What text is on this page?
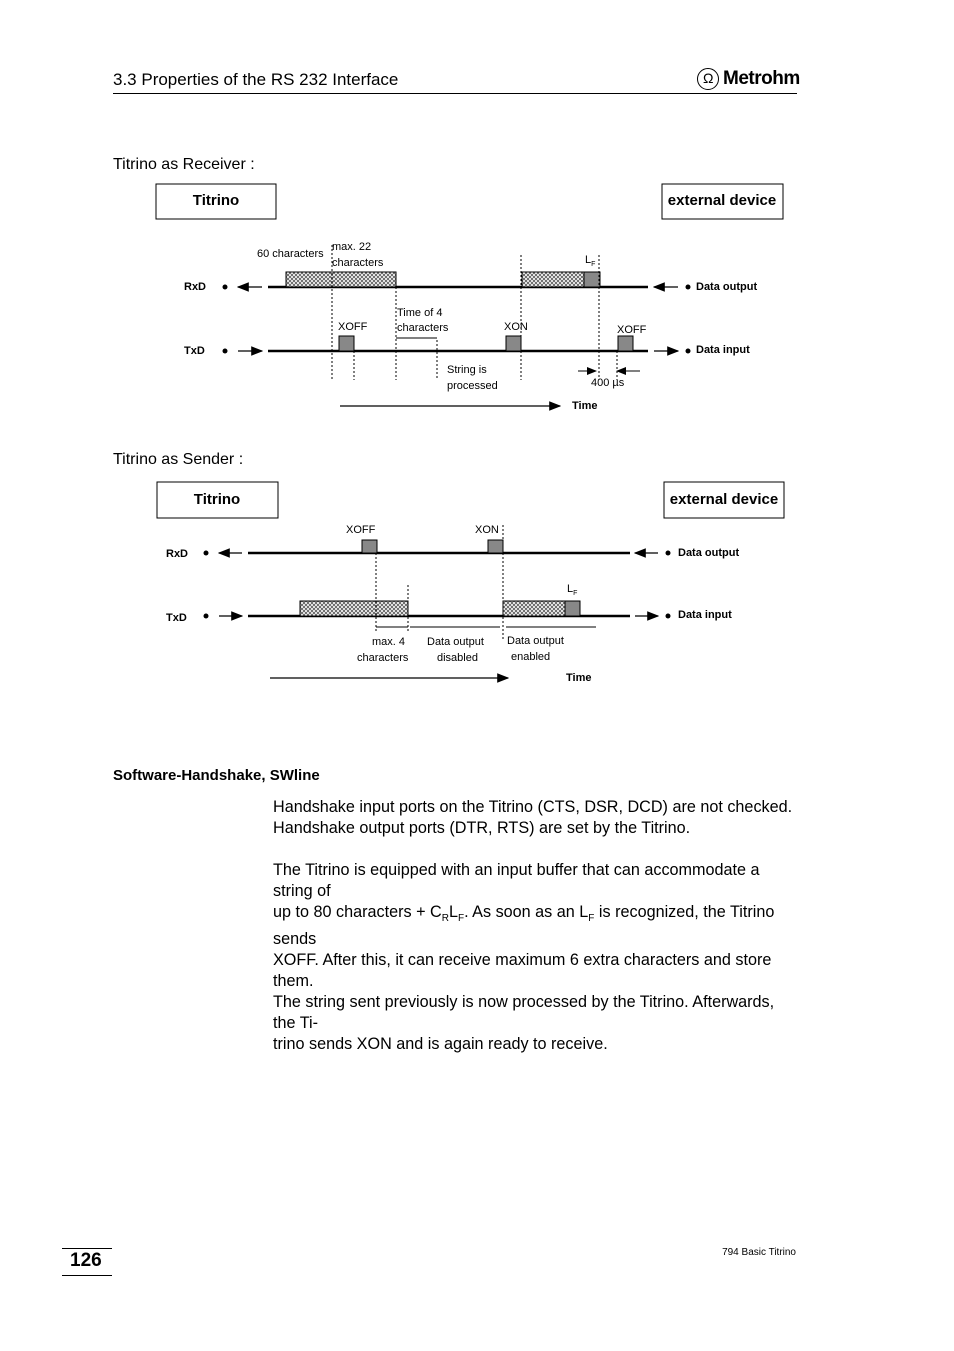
3.3 Properties of the RS 232 Interface	Ω Metrohm
Titrino as Receiver :
Titrino	external device
RxD	Data output
60 characters
max. 22
characters	$L_F$
TxD	Data input
XOFF	XON	XOFF
Time of 4
characters
String is
processed	400 µs
Time
Titrino as Sender :
Titrino	external device
RxD	Data output
XOFF	XON
TxD	Data input
$L_F$
max. 4
characters
Data output
disabled
Data output
enabled
Time
Software-Handshake, SWline

Handshake input ports on the Titrino (CTS, DSR, DCD) are not checked.

Handshake output ports (DTR, RTS) are set by the Titrino.

The Titrino is equipped with an input buffer that can accommodate a string of

up to 80 characters + $C_RL_F$. As soon as an $L_F$ is recognized, the Titrino sends

XOFF. After this, it can receive maximum 6 extra characters and store them.

The string sent previously is now processed by the Titrino. Afterwards, the Ti-

trino sends XON and is again ready to receive.

126	794 Basic Titrino
